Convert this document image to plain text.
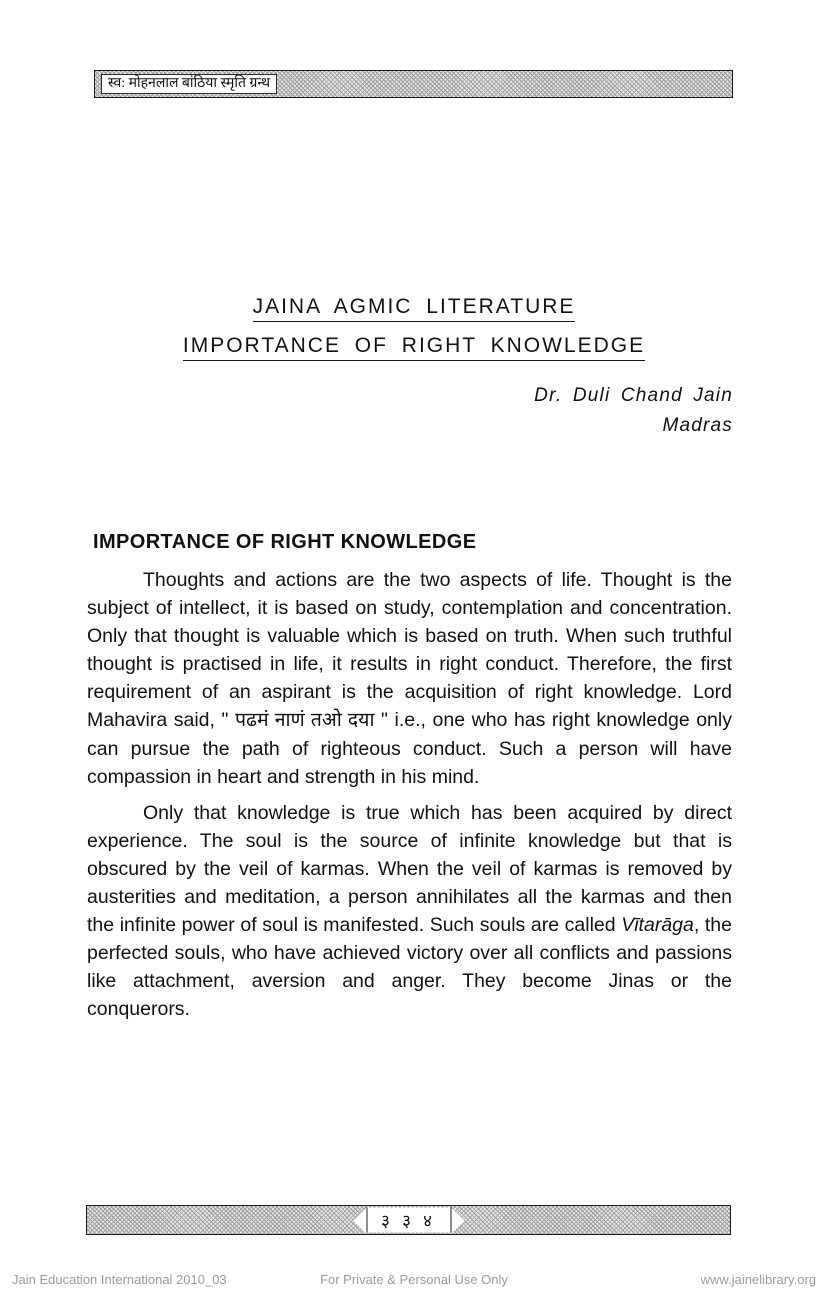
स्व: मोहनलाल बांठिया स्मृति ग्रन्थ
JAINA AGMIC LITERATURE
IMPORTANCE OF RIGHT KNOWLEDGE
Dr. Duli Chand Jain
Madras
IMPORTANCE OF RIGHT KNOWLEDGE

Thoughts and actions are the two aspects of life. Thought is the subject of intellect, it is based on study, contemplation and concentration. Only that thought is valuable which is based on truth. When such truthful thought is practised in life, it results in right conduct. Therefore, the first requirement of an aspirant is the acquisition of right knowledge. Lord Mahavira said, " पढमं नाणं तओ दया " i.e., one who has right knowledge only can pursue the path of righteous conduct. Such a person will have compassion in heart and strength in his mind.

Only that knowledge is true which has been acquired by direct experience. The soul is the source of infinite knowledge but that is obscured by the veil of karmas. When the veil of karmas is removed by austerities and meditation, a person annihilates all the karmas and then the infinite power of soul is manifested. Such souls are called Vītarāga, the perfected souls, who have achieved victory over all conflicts and passions like attachment, aversion and anger. They become Jinas or the conquerors.

३ ३ ४
Jain Education International 2010_03	For Private & Personal Use Only	www.jainelibrary.org
